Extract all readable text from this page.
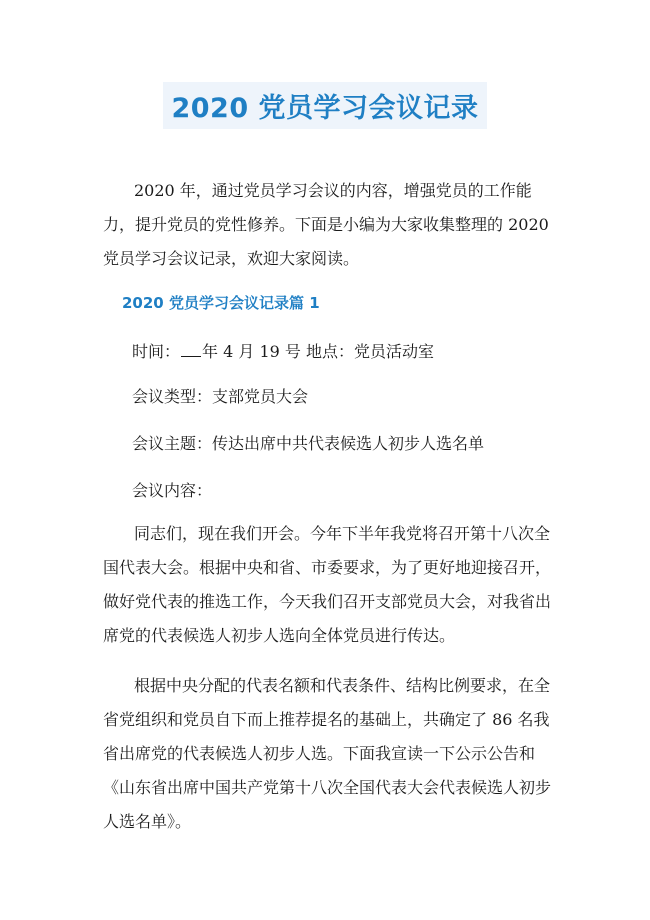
2020 党员学习会议记录

2020 年，通过党员学习会议的内容，增强党员的工作能力，提升党员的党性修养。下面是小编为大家收集整理的 2020 党员学习会议记录，欢迎大家阅读。

2020 党员学习会议记录篇 1

时间： 年 4 月 19 号 地点：党员活动室

会议类型：支部党员大会

会议主题：传达出席中共代表候选人初步人选名单

会议内容：

同志们，现在我们开会。今年下半年我党将召开第十八次全国代表大会。根据中央和省、市委要求，为了更好地迎接召开，做好党代表的推选工作，今天我们召开支部党员大会，对我省出席党的代表候选人初步人选向全体党员进行传达。

根据中央分配的代表名额和代表条件、结构比例要求，在全省党组织和党员自下而上推荐提名的基础上，共确定了 86 名我省出席党的代表候选人初步人选。下面我宣读一下公示公告和《山东省出席中国共产党第十八次全国代表大会代表候选人初步人选名单》。
